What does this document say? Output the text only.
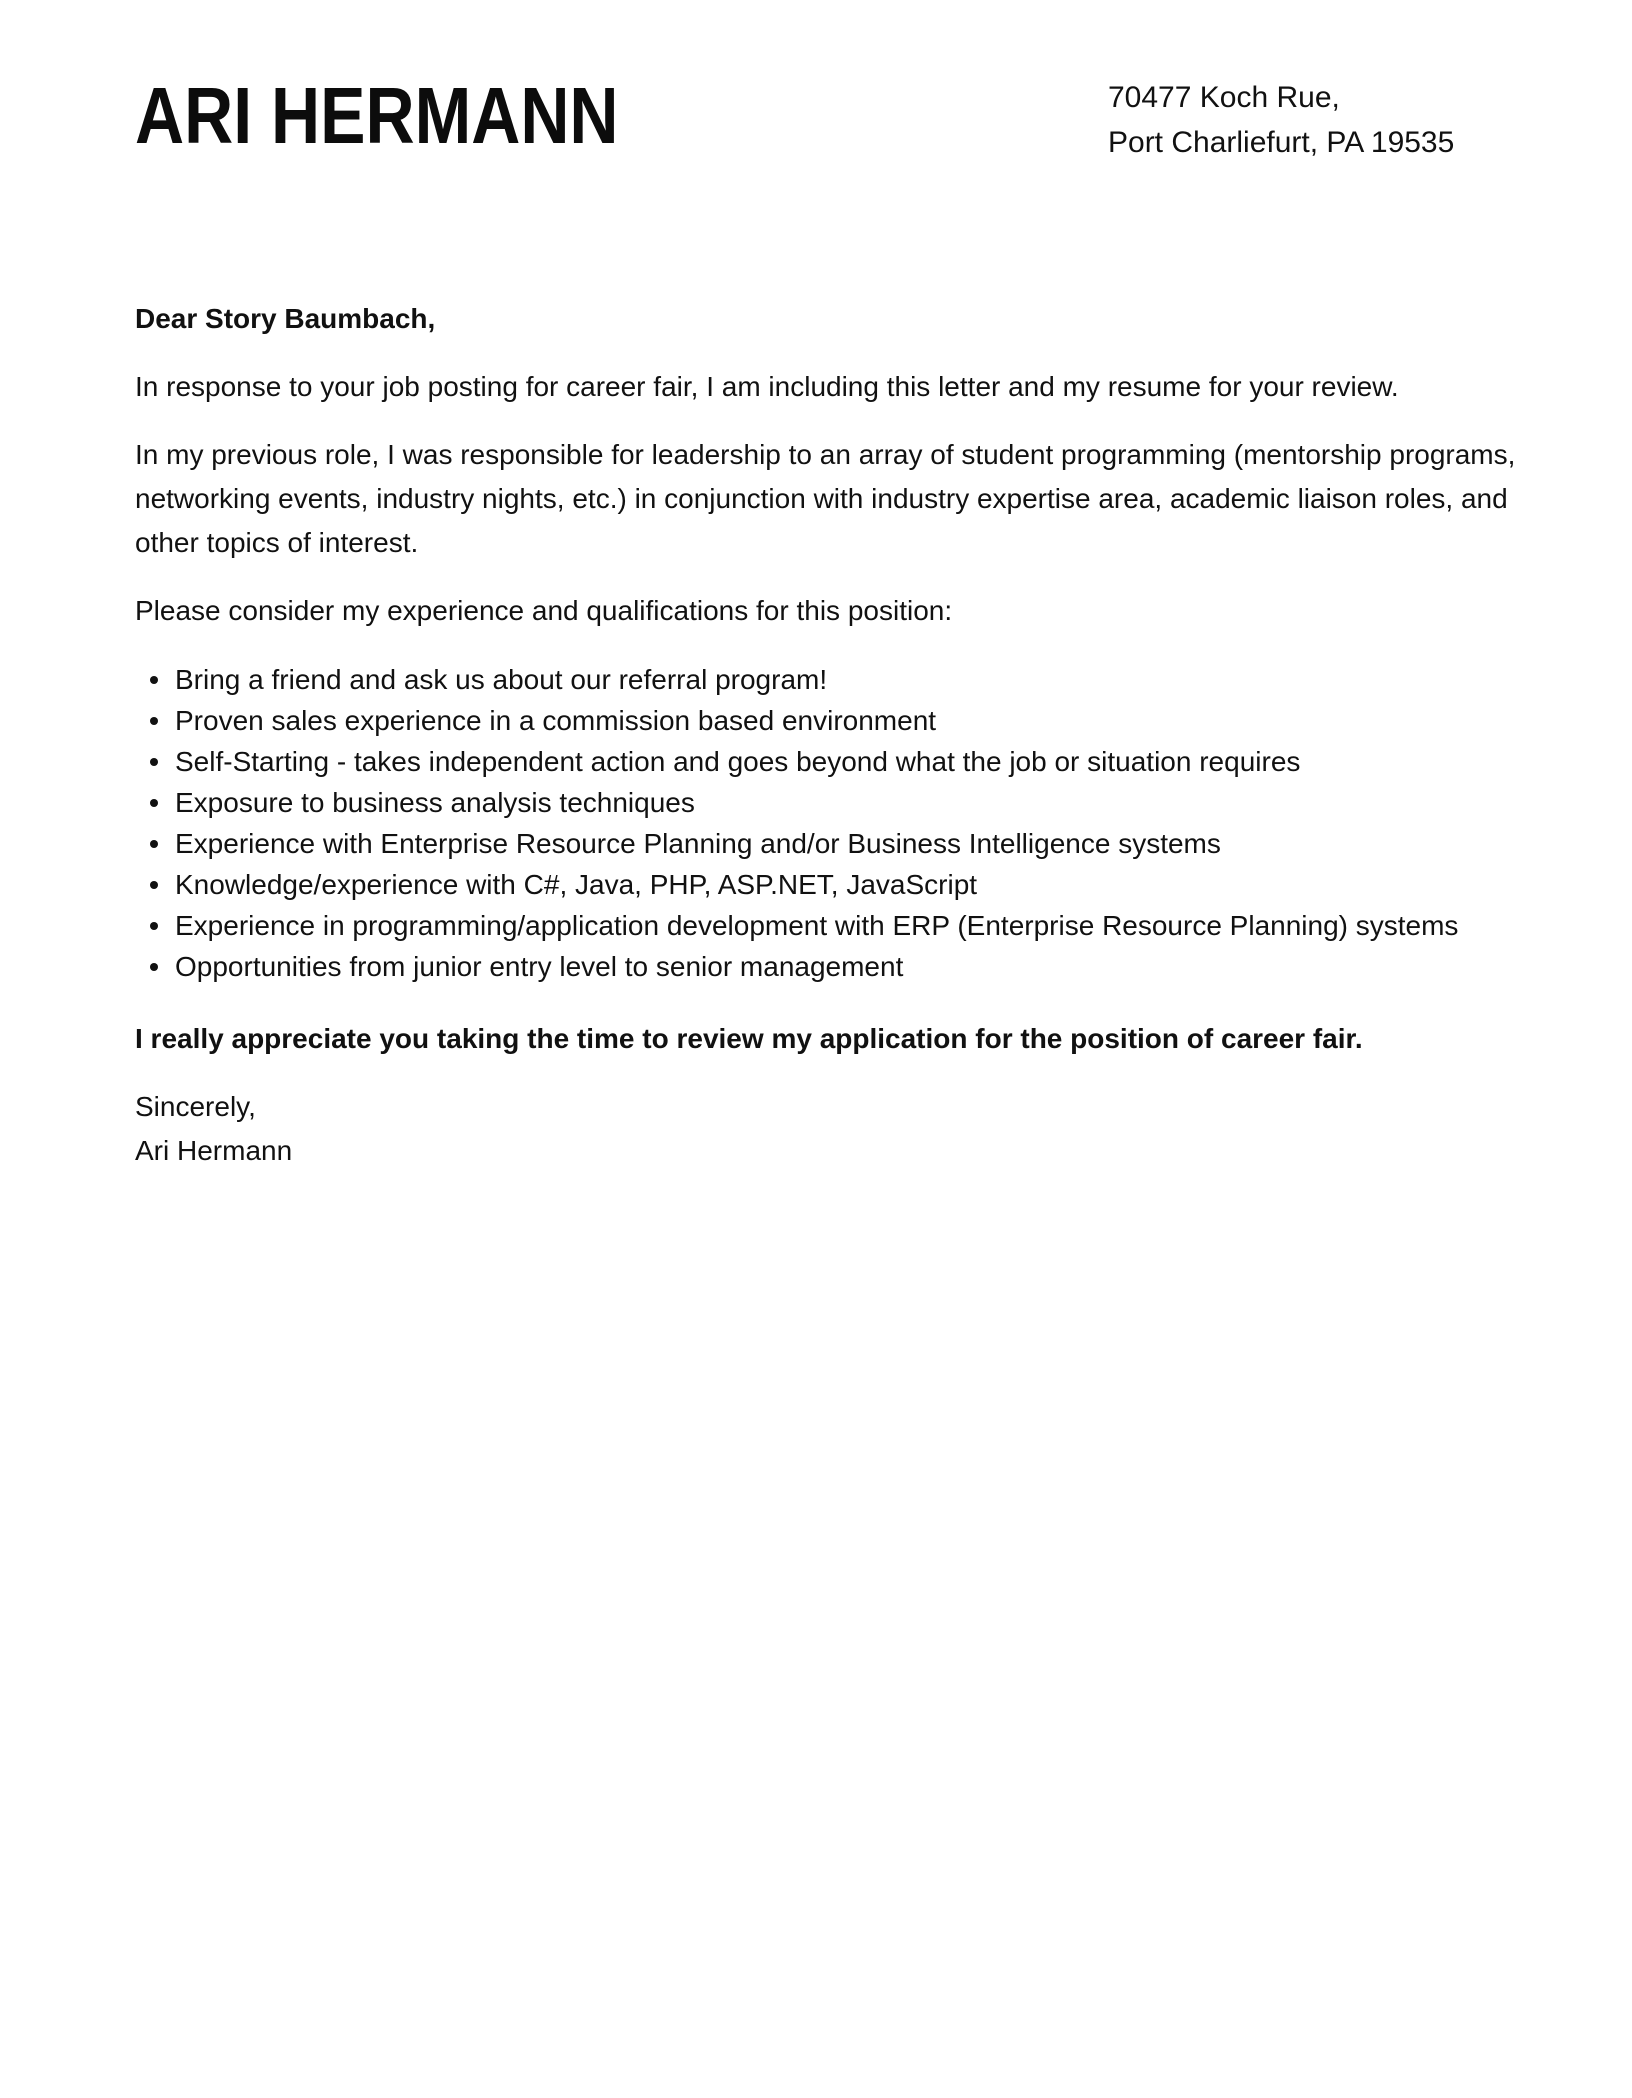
ARI HERMANN	70477 Koch Rue,
Port Charliefurt, PA 19535
Dear Story Baumbach,

In response to your job posting for career fair, I am including this letter and my resume for your review.

In my previous role, I was responsible for leadership to an array of student programming (mentorship programs, networking events, industry nights, etc.) in conjunction with industry expertise area, academic liaison roles, and other topics of interest.

Please consider my experience and qualifications for this position:

Bring a friend and ask us about our referral program!
Proven sales experience in a commission based environment
Self-Starting - takes independent action and goes beyond what the job or situation requires
Exposure to business analysis techniques
Experience with Enterprise Resource Planning and/or Business Intelligence systems
Knowledge/experience with C#, Java, PHP, ASP.NET, JavaScript
Experience in programming/application development with ERP (Enterprise Resource Planning) systems
Opportunities from junior entry level to senior management
I really appreciate you taking the time to review my application for the position of career fair.
Sincerely,
Ari Hermann
